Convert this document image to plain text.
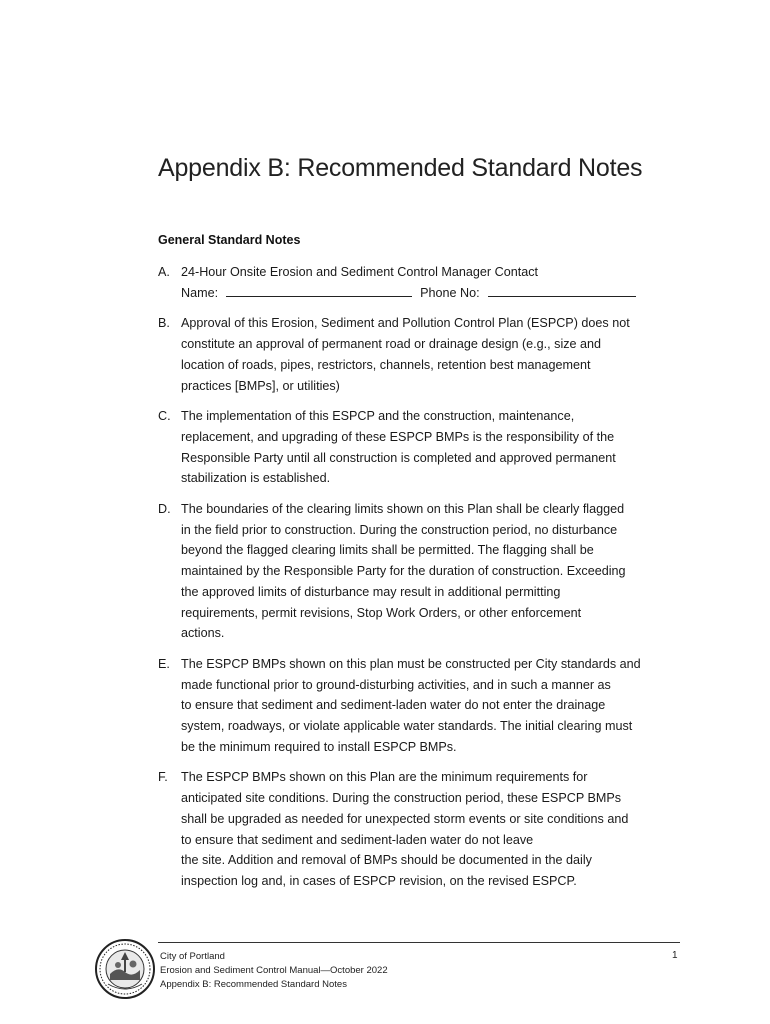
Appendix B: Recommended Standard Notes
General Standard Notes
A. 24-Hour Onsite Erosion and Sediment Control Manager Contact
Name:	Phone No:
B. Approval of this Erosion, Sediment and Pollution Control Plan (ESPCP) does not
constitute an approval of permanent road or drainage design (e.g., size and
location of roads, pipes, restrictors, channels, retention best management
practices [BMPs], or utilities)
C. The implementation of this ESPCP and the construction, maintenance,
replacement, and upgrading of these ESPCP BMPs is the responsibility of the
Responsible Party until all construction is completed and approved permanent
stabilization is established.
D. The boundaries of the clearing limits shown on this Plan shall be clearly flagged
in the field prior to construction. During the construction period, no disturbance
beyond the flagged clearing limits shall be permitted. The flagging shall be
maintained by the Responsible Party for the duration of construction. Exceeding
the approved limits of disturbance may result in additional permitting
requirements, permit revisions, Stop Work Orders, or other enforcement
actions.
E. The ESPCP BMPs shown on this plan must be constructed per City standards and
made functional prior to ground-disturbing activities, and in such a manner as
to ensure that sediment and sediment-laden water do not enter the drainage
system, roadways, or violate applicable water standards. The initial clearing must
be the minimum required to install ESPCP BMPs.
F. The ESPCP BMPs shown on this Plan are the minimum requirements for
anticipated site conditions. During the construction period, these ESPCP BMPs
shall be upgraded as needed for unexpected storm events or site conditions and
to ensure that sediment and sediment-laden water do not leave
the site. Addition and removal of BMPs should be documented in the daily
inspection log and, in cases of ESPCP revision, on the revised ESPCP.
City of Portland
Erosion and Sediment Control Manual—October 2022
Appendix B: Recommended Standard Notes
1
